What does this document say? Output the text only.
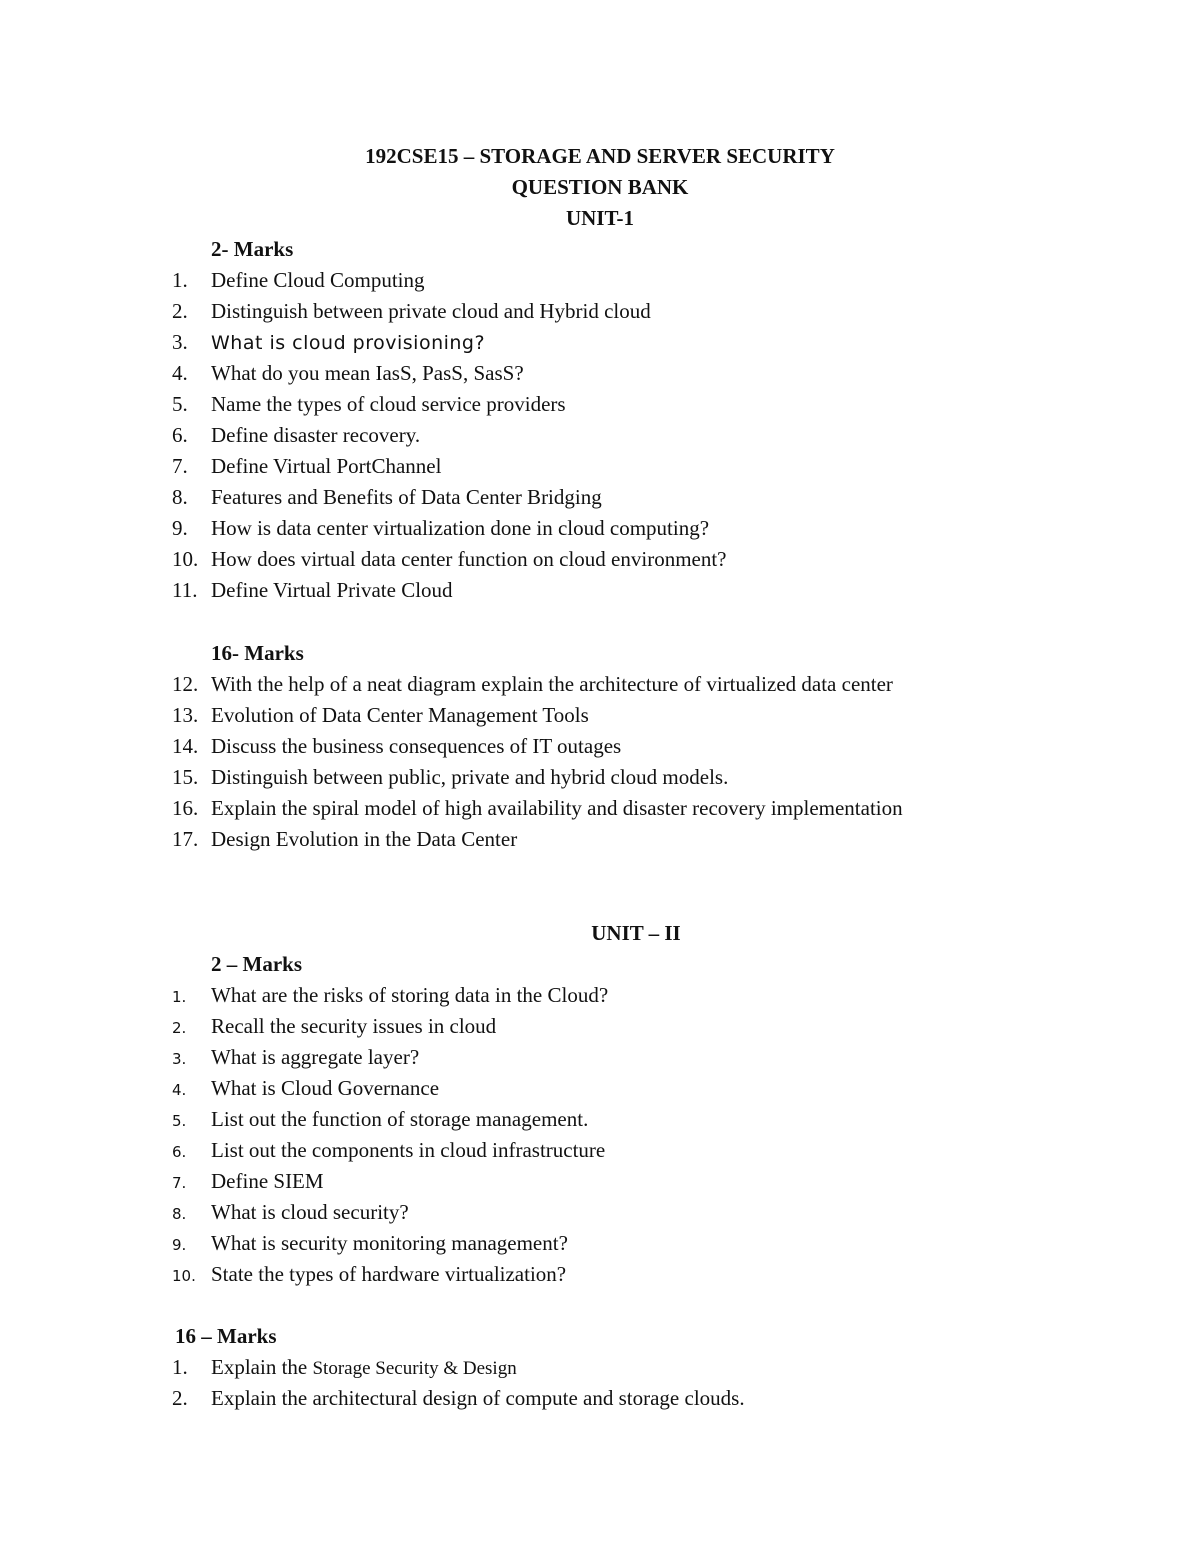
192CSE15 – STORAGE AND SERVER SECURITY
QUESTION BANK
UNIT-1
2- Marks
1. Define Cloud Computing
2. Distinguish between private cloud and Hybrid cloud
3. What is cloud provisioning?
4. What do you mean IasS, PasS, SasS?
5. Name the types of cloud service providers
6. Define disaster recovery.
7. Define Virtual PortChannel
8. Features and Benefits of Data Center Bridging
9. How is data center virtualization done in cloud computing?
10. How does virtual data center function on cloud environment?
11. Define Virtual Private Cloud
16- Marks
12. With the help of a neat diagram explain the architecture of virtualized data center
13. Evolution of Data Center Management Tools
14. Discuss the business consequences of IT outages
15. Distinguish between public, private and hybrid cloud models.
16. Explain the spiral model of high availability and disaster recovery implementation
17. Design Evolution in the Data Center
UNIT – II
2 – Marks
1. What are the risks of storing data in the Cloud?
2. Recall the security issues in cloud
3. What is aggregate layer?
4. What is Cloud Governance
5. List out the function of storage management.
6. List out the components in cloud infrastructure
7. Define SIEM
8. What is cloud security?
9. What is security monitoring management?
10. State the types of hardware virtualization?
16 – Marks
1. Explain the Storage Security & Design
2. Explain the architectural design of compute and storage clouds.
